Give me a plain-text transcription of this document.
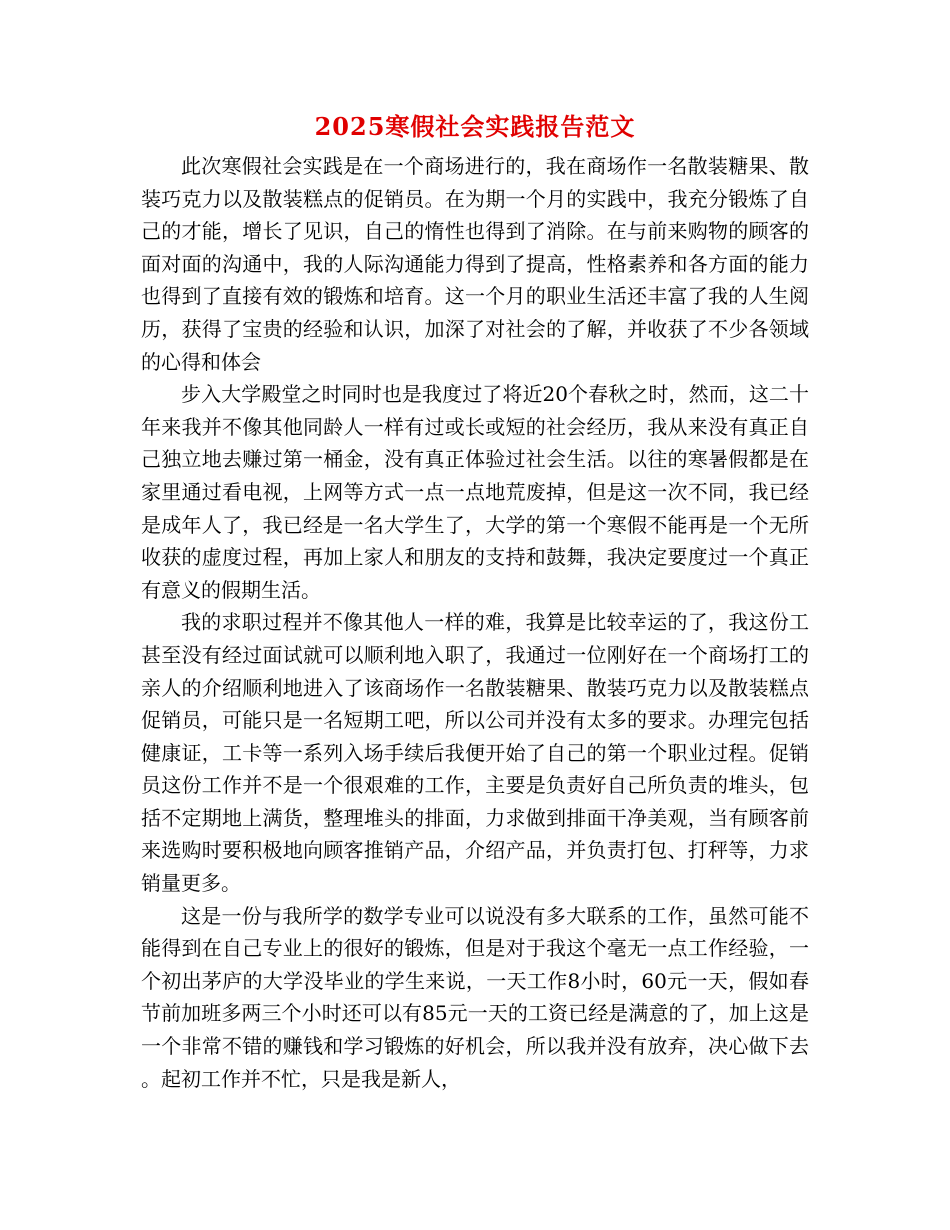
2025寒假社会实践报告范文

此次寒假社会实践是在一个商场进行的，我在商场作一名散装糖果、散装巧克力以及散装糕点的促销员。在为期一个月的实践中，我充分锻炼了自己的才能，增长了见识，自己的惰性也得到了消除。在与前来购物的顾客的面对面的沟通中，我的人际沟通能力得到了提高，性格素养和各方面的能力也得到了直接有效的锻炼和培育。这一个月的职业生活还丰富了我的人生阅历，获得了宝贵的经验和认识，加深了对社会的了解，并收获了不少各领域的心得和体会

步入大学殿堂之时同时也是我度过了将近20个春秋之时，然而，这二十年来我并不像其他同龄人一样有过或长或短的社会经历，我从来没有真正自己独立地去赚过第一桶金，没有真正体验过社会生活。以往的寒暑假都是在家里通过看电视，上网等方式一点一点地荒废掉，但是这一次不同，我已经是成年人了，我已经是一名大学生了，大学的第一个寒假不能再是一个无所收获的虚度过程，再加上家人和朋友的支持和鼓舞，我决定要度过一个真正有意义的假期生活。

我的求职过程并不像其他人一样的难，我算是比较幸运的了，我这份工甚至没有经过面试就可以顺利地入职了，我通过一位刚好在一个商场打工的亲人的介绍顺利地进入了该商场作一名散装糖果、散装巧克力以及散装糕点促销员，可能只是一名短期工吧，所以公司并没有太多的要求。办理完包括健康证，工卡等一系列入场手续后我便开始了自己的第一个职业过程。促销员这份工作并不是一个很艰难的工作，主要是负责好自己所负责的堆头，包括不定期地上满货，整理堆头的排面，力求做到排面干净美观，当有顾客前来选购时要积极地向顾客推销产品，介绍产品，并负责打包、打秤等，力求销量更多。

这是一份与我所学的数学专业可以说没有多大联系的工作，虽然可能不能得到在自己专业上的很好的锻炼，但是对于我这个毫无一点工作经验，一个初出茅庐的大学没毕业的学生来说，一天工作8小时，60元一天，假如春节前加班多两三个小时还可以有85元一天的工资已经是满意的了，加上这是一个非常不错的赚钱和学习锻炼的好机会，所以我并没有放弃，决心做下去。起初工作并不忙，只是我是新人，
